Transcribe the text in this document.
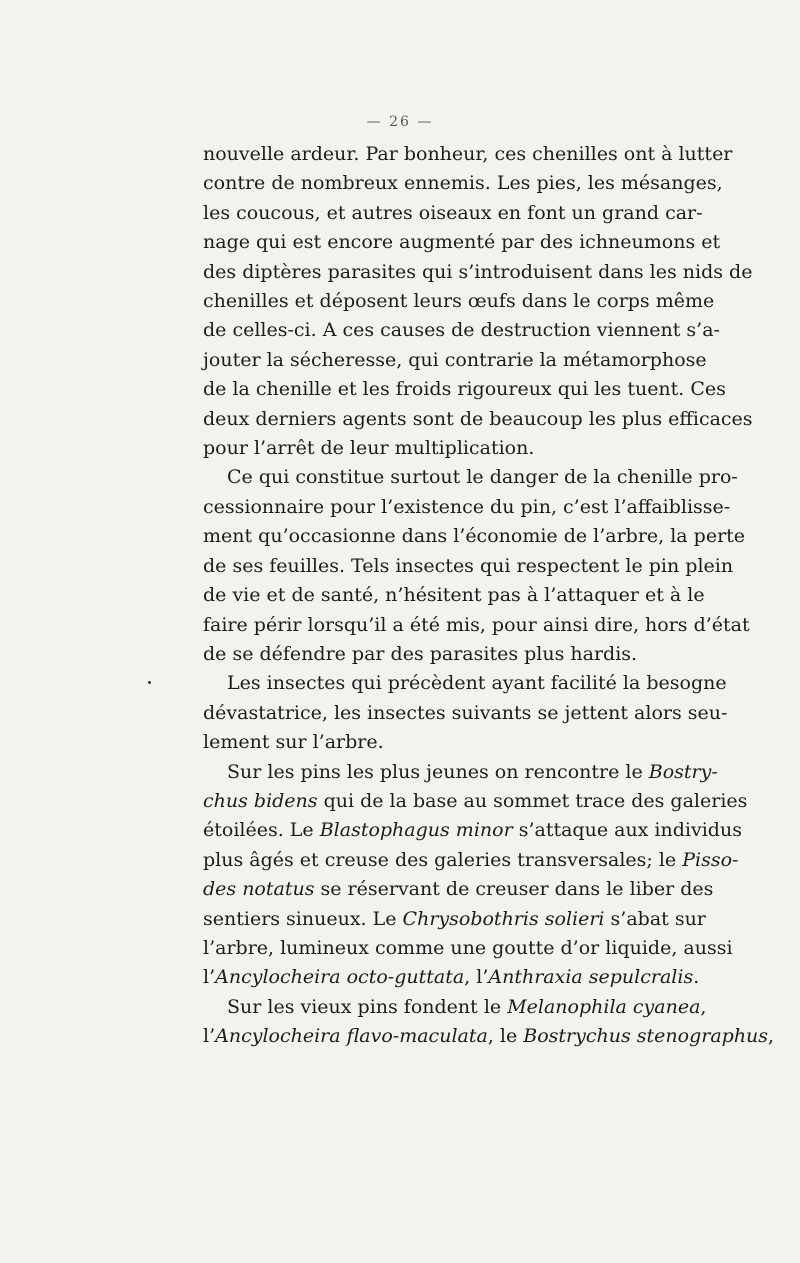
— 26 —
nouvelle ardeur. Par bonheur, ces chenilles ont à lutter
contre de nombreux ennemis. Les pies, les mésanges,
les coucous, et autres oiseaux en font un grand car-
nage qui est encore augmenté par des ichneumons et
des diptères parasites qui s’introduisent dans les nids de
chenilles et déposent leurs œufs dans le corps même
de celles-ci. A ces causes de destruction viennent s’a-
jouter la sécheresse, qui contrarie la métamorphose
de la chenille et les froids rigoureux qui les tuent. Ces
deux derniers agents sont de beaucoup les plus efficaces
pour l’arrêt de leur multiplication.
Ce qui constitue surtout le danger de la chenille pro-
cessionnaire pour l’existence du pin, c’est l’affaiblisse-
ment qu’occasionne dans l’économie de l’arbre, la perte
de ses feuilles. Tels insectes qui respectent le pin plein
de vie et de santé, n’hésitent pas à l’attaquer et à le
faire périr lorsqu’il a été mis, pour ainsi dire, hors d’état
de se défendre par des parasites plus hardis.
Les insectes qui précèdent ayant facilité la besogne
dévastatrice, les insectes suivants se jettent alors seu-
lement sur l’arbre.
Sur les pins les plus jeunes on rencontre le Bostry-
chus bidens qui de la base au sommet trace des galeries
étoilées. Le Blastophagus minor s’attaque aux individus
plus âgés et creuse des galeries transversales; le Pisso-
des notatus se réservant de creuser dans le liber des
sentiers sinueux. Le Chrysobothris solieri s’abat sur
l’arbre, lumineux comme une goutte d’or liquide, aussi
l’Ancylocheira octo-guttata, l’Anthraxia sepulcralis.
Sur les vieux pins fondent le Melanophila cyanea,
l’Ancylocheira flavo-maculata, le Bostrychus stenographus,
